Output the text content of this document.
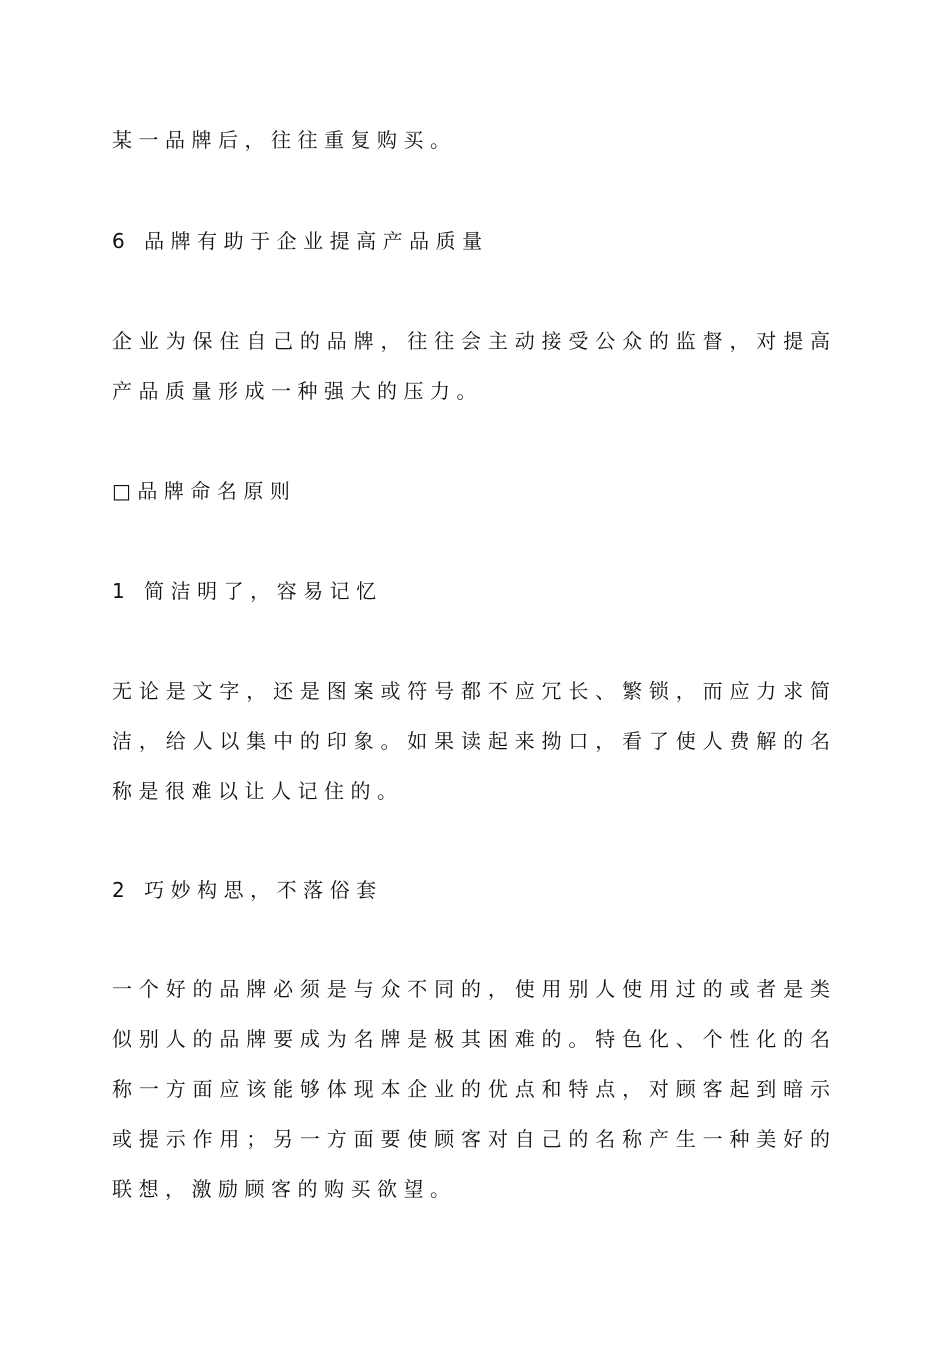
某一品牌后，往往重复购买。
6 品牌有助于企业提高产品质量
企业为保住自己的品牌，往往会主动接受公众的监督，对提高
产品质量形成一种强大的压力。
□品牌命名原则
1 简洁明了，容易记忆
无论是文字，还是图案或符号都不应冗长、繁锁，而应力求简
洁，给人以集中的印象。如果读起来拗口，看了使人费解的名
称是很难以让人记住的。
2 巧妙构思，不落俗套
一个好的品牌必须是与众不同的，使用别人使用过的或者是类
似别人的品牌要成为名牌是极其困难的。特色化、个性化的名
称一方面应该能够体现本企业的优点和特点，对顾客起到暗示
或提示作用；另一方面要使顾客对自己的名称产生一种美好的
联想，激励顾客的购买欲望。
